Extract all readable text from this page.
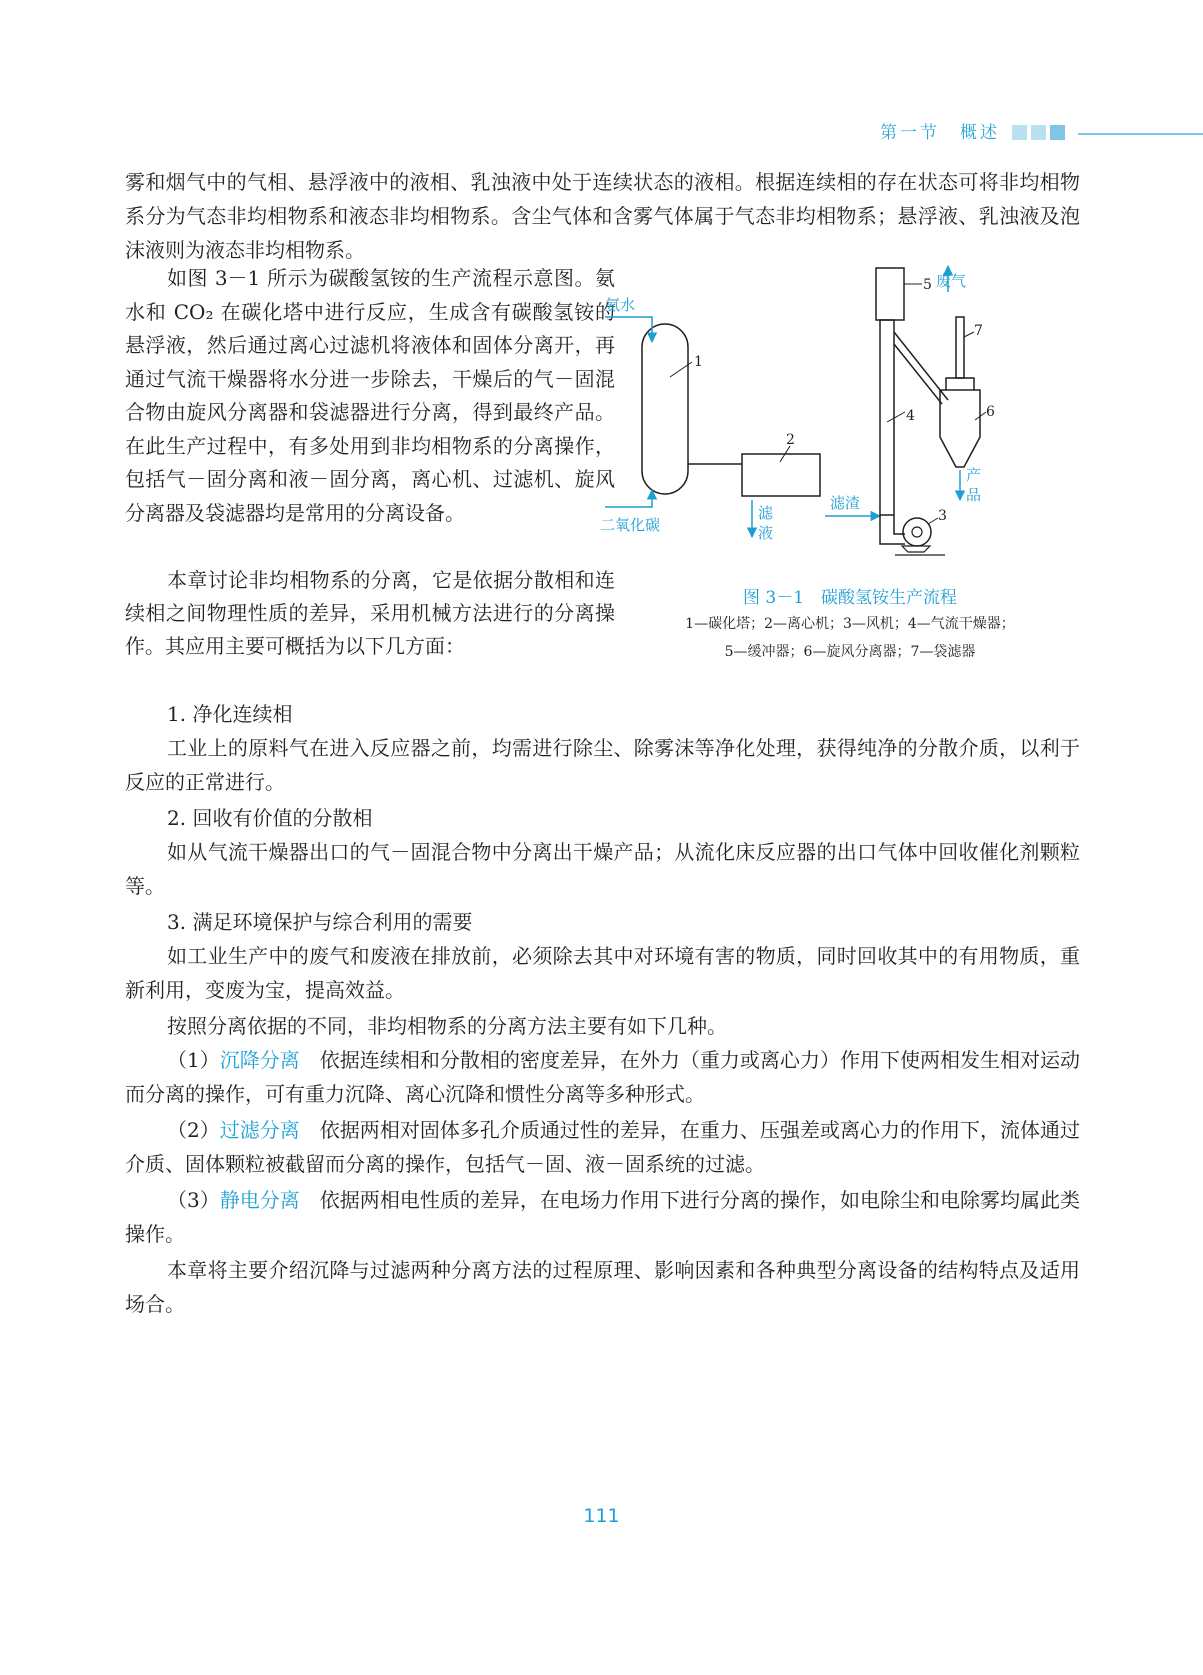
第一节　概述

雾和烟气中的气相、悬浮液中的液相、乳浊液中处于连续状态的液相。根据连续相的存在状态可将非均相物系分为气态非均相物系和液态非均相物系。含尘气体和含雾气体属于气态非均相物系；悬浮液、乳浊液及泡沫液则为液态非均相物系。

如图 3－1 所示为碳酸氢铵的生产流程示意图。氨水和 CO₂ 在碳化塔中进行反应，生成含有碳酸氢铵的悬浮液，然后通过离心过滤机将液体和固体分离开，再通过气流干燥器将水分进一步除去，干燥后的气－固混合物由旋风分离器和袋滤器进行分离，得到最终产品。在此生产过程中，有多处用到非均相物系的分离操作，包括气－固分离和液－固分离，离心机、过滤机、旋风分离器及袋滤器均是常用的分离设备。

本章讨论非均相物系的分离，它是依据分散相和连续相之间物理性质的差异，采用机械方法进行的分离操作。其应用主要可概括为以下几方面：

1. 净化连续相

工业上的原料气在进入反应器之前，均需进行除尘、除雾沫等净化处理，获得纯净的分散介质，以利于反应的正常进行。

2. 回收有价值的分散相

如从气流干燥器出口的气－固混合物中分离出干燥产品；从流化床反应器的出口气体中回收催化剂颗粒等。

3. 满足环境保护与综合利用的需要

如工业生产中的废气和废液在排放前，必须除去其中对环境有害的物质，同时回收其中的有用物质，重新利用，变废为宝，提高效益。

按照分离依据的不同，非均相物系的分离方法主要有如下几种。

（1）沉降分离　 依据连续相和分散相的密度差异，在外力（重力或离心力）作用下使两相发生相对运动而分离的操作，可有重力沉降、离心沉降和惯性分离等多种形式。

（2）过滤分离　 依据两相对固体多孔介质通过性的差异，在重力、压强差或离心力的作用下，流体通过介质、固体颗粒被截留而分离的操作，包括气－固、液－固系统的过滤。

（3）静电分离　 依据两相电性质的差异，在电场力作用下进行分离的操作，如电除尘和电除雾均属此类操作。

本章将主要介绍沉降与过滤两种分离方法的过程原理、影响因素和各种典型分离设备的结构特点及适用场合。

氨水
二氧化碳
滤
液
滤渣
废气
产
品
1
2
3
4
5
6
7
图 3－1　碳酸氢铵生产流程
1—碳化塔；2—离心机；3—风机；4—气流干燥器；
5—缓冲器；6—旋风分离器；7—袋滤器
111
